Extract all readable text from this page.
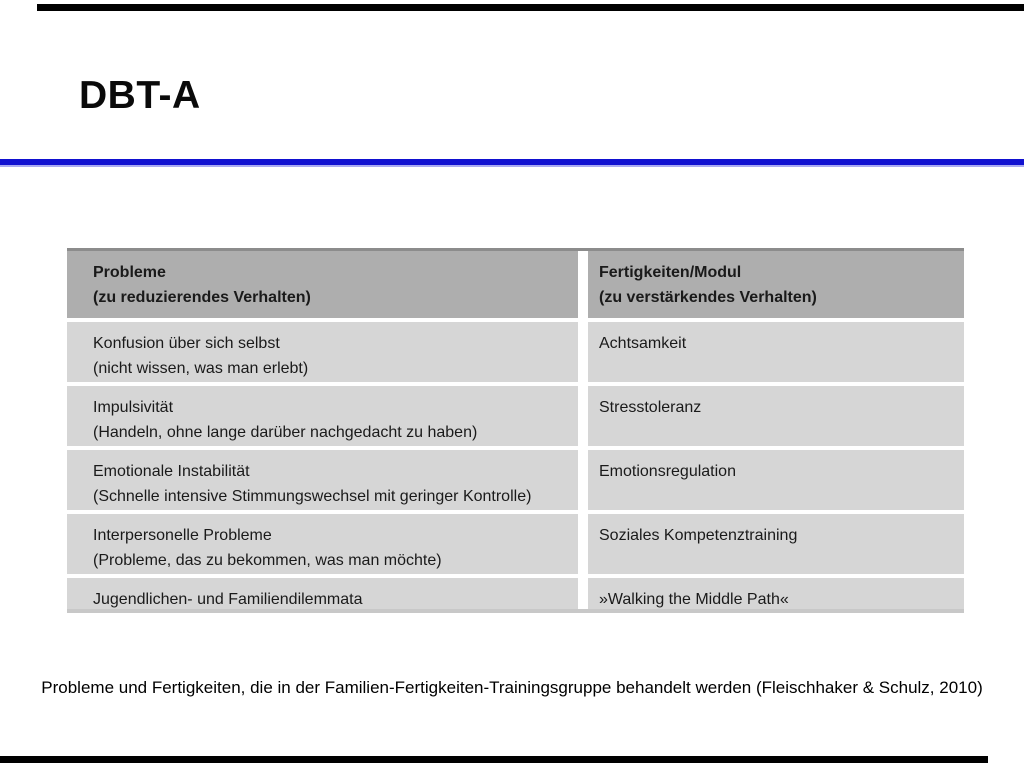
DBT-A
Probleme
(zu reduzierendes Verhalten)
Fertigkeiten/Modul
(zu verstärkendes Verhalten)
Konfusion über sich selbst
(nicht wissen, was man erlebt)
Achtsamkeit
Impulsivität
(Handeln, ohne lange darüber nachgedacht zu haben)
Stresstoleranz
Emotionale Instabilität
(Schnelle intensive Stimmungswechsel mit geringer Kontrolle)
Emotionsregulation
Interpersonelle Probleme
(Probleme, das zu bekommen, was man möchte)
Soziales Kompetenztraining
Jugendlichen- und Familiendilemmata	»Walking the Middle Path«

Probleme und Fertigkeiten, die in der Familien-Fertigkeiten-Trainingsgruppe behandelt werden (Fleischhaker & Schulz, 2010)
